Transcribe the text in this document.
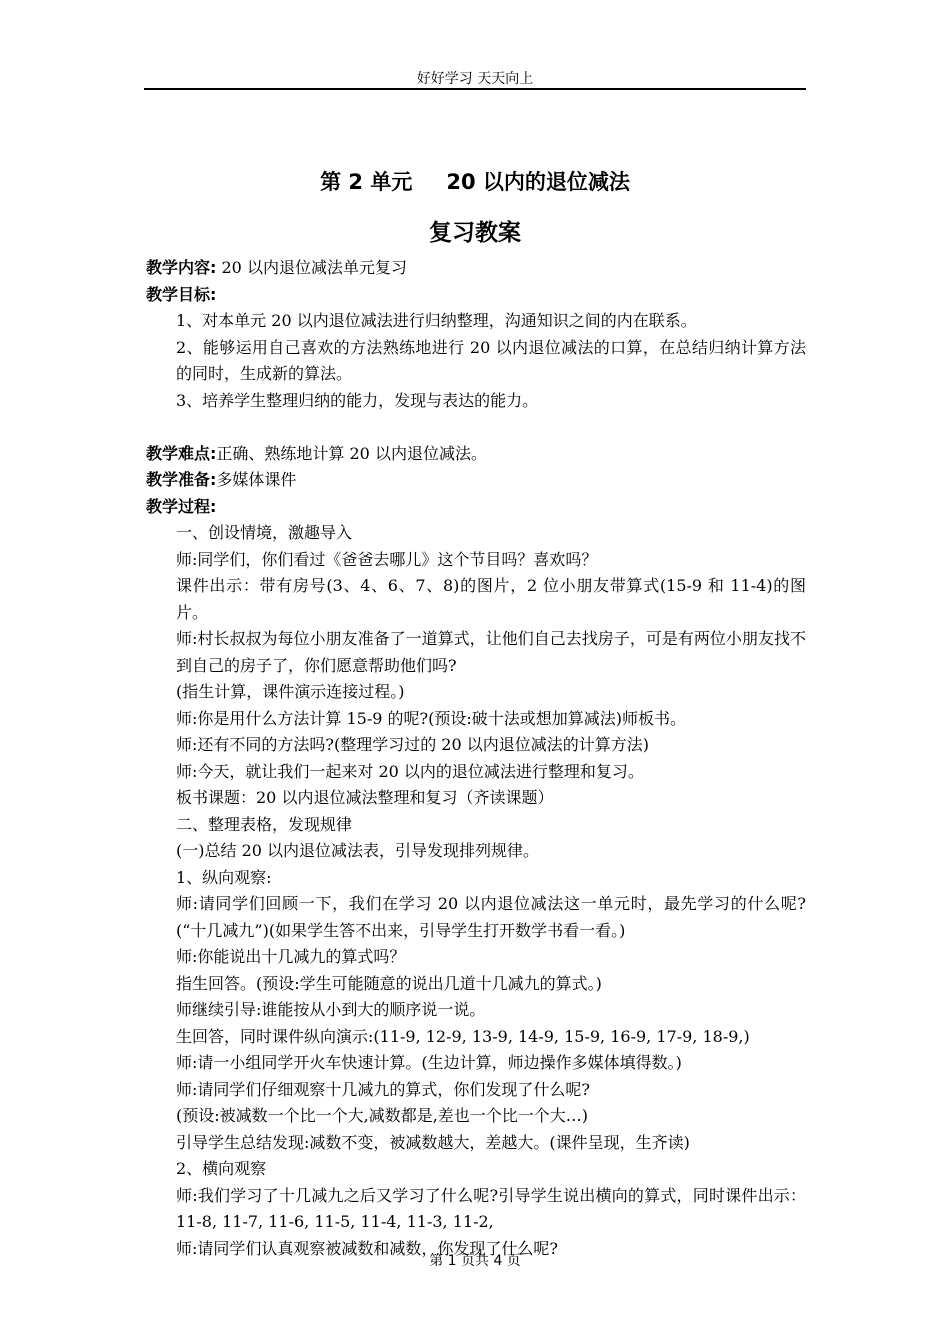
好好学习 天天向上
第 2 单元 20 以内的退位减法
复习教案
教学内容: 20 以内退位减法单元复习
教学目标:
1、对本单元 20 以内退位减法进行归纳整理，沟通知识之间的内在联系。
2、能够运用自己喜欢的方法熟练地进行 20 以内退位减法的口算，在总结归纳计算方法的同时，生成新的算法。
3、培养学生整理归纳的能力，发现与表达的能力。
教学难点:正确、熟练地计算 20 以内退位减法。
教学准备:多媒体课件
教学过程:
一、创设情境，激趣导入
师:同学们，你们看过《爸爸去哪儿》这个节目吗？喜欢吗？
课件出示：带有房号(3、4、6、7、8)的图片，2 位小朋友带算式(15-9 和 11-4)的图片。
师:村长叔叔为每位小朋友准备了一道算式，让他们自己去找房子，可是有两位小朋友找不到自己的房子了，你们愿意帮助他们吗?
(指生计算，课件演示连接过程。)
师:你是用什么方法计算 15-9 的呢?(预设:破十法或想加算减法)师板书。
师:还有不同的方法吗?(整理学习过的 20 以内退位减法的计算方法)
师:今天，就让我们一起来对 20 以内的退位减法进行整理和复习。
板书课题：20 以内退位减法整理和复习（齐读课题）
二、整理表格，发现规律
(一)总结 20 以内退位减法表，引导发现排列规律。
1、纵向观察:
师:请同学们回顾一下，我们在学习 20 以内退位减法这一单元时，最先学习的什么呢?(“十几减九”)(如果学生答不出来，引导学生打开数学书看一看。)
师:你能说出十几减九的算式吗？
指生回答。(预设:学生可能随意的说出几道十几减九的算式。)
师继续引导:谁能按从小到大的顺序说一说。
生回答，同时课件纵向演示:(11-9, 12-9, 13-9, 14-9, 15-9, 16-9, 17-9, 18-9,)
师:请一小组同学开火车快速计算。(生边计算，师边操作多媒体填得数。)
师:请同学们仔细观察十几减九的算式，你们发现了什么呢?
(预设:被减数一个比一个大,减数都是,差也一个比一个大…)
引导学生总结发现:减数不变，被减数越大，差越大。(课件呈现，生齐读)
2、横向观察
师:我们学习了十几减九之后又学习了什么呢?引导学生说出横向的算式，同时课件出示：11-8, 11-7, 11-6, 11-5, 11-4, 11-3, 11-2,
师:请同学们认真观察被减数和减数，你发现了什么呢?
第 1 页共 4 页
